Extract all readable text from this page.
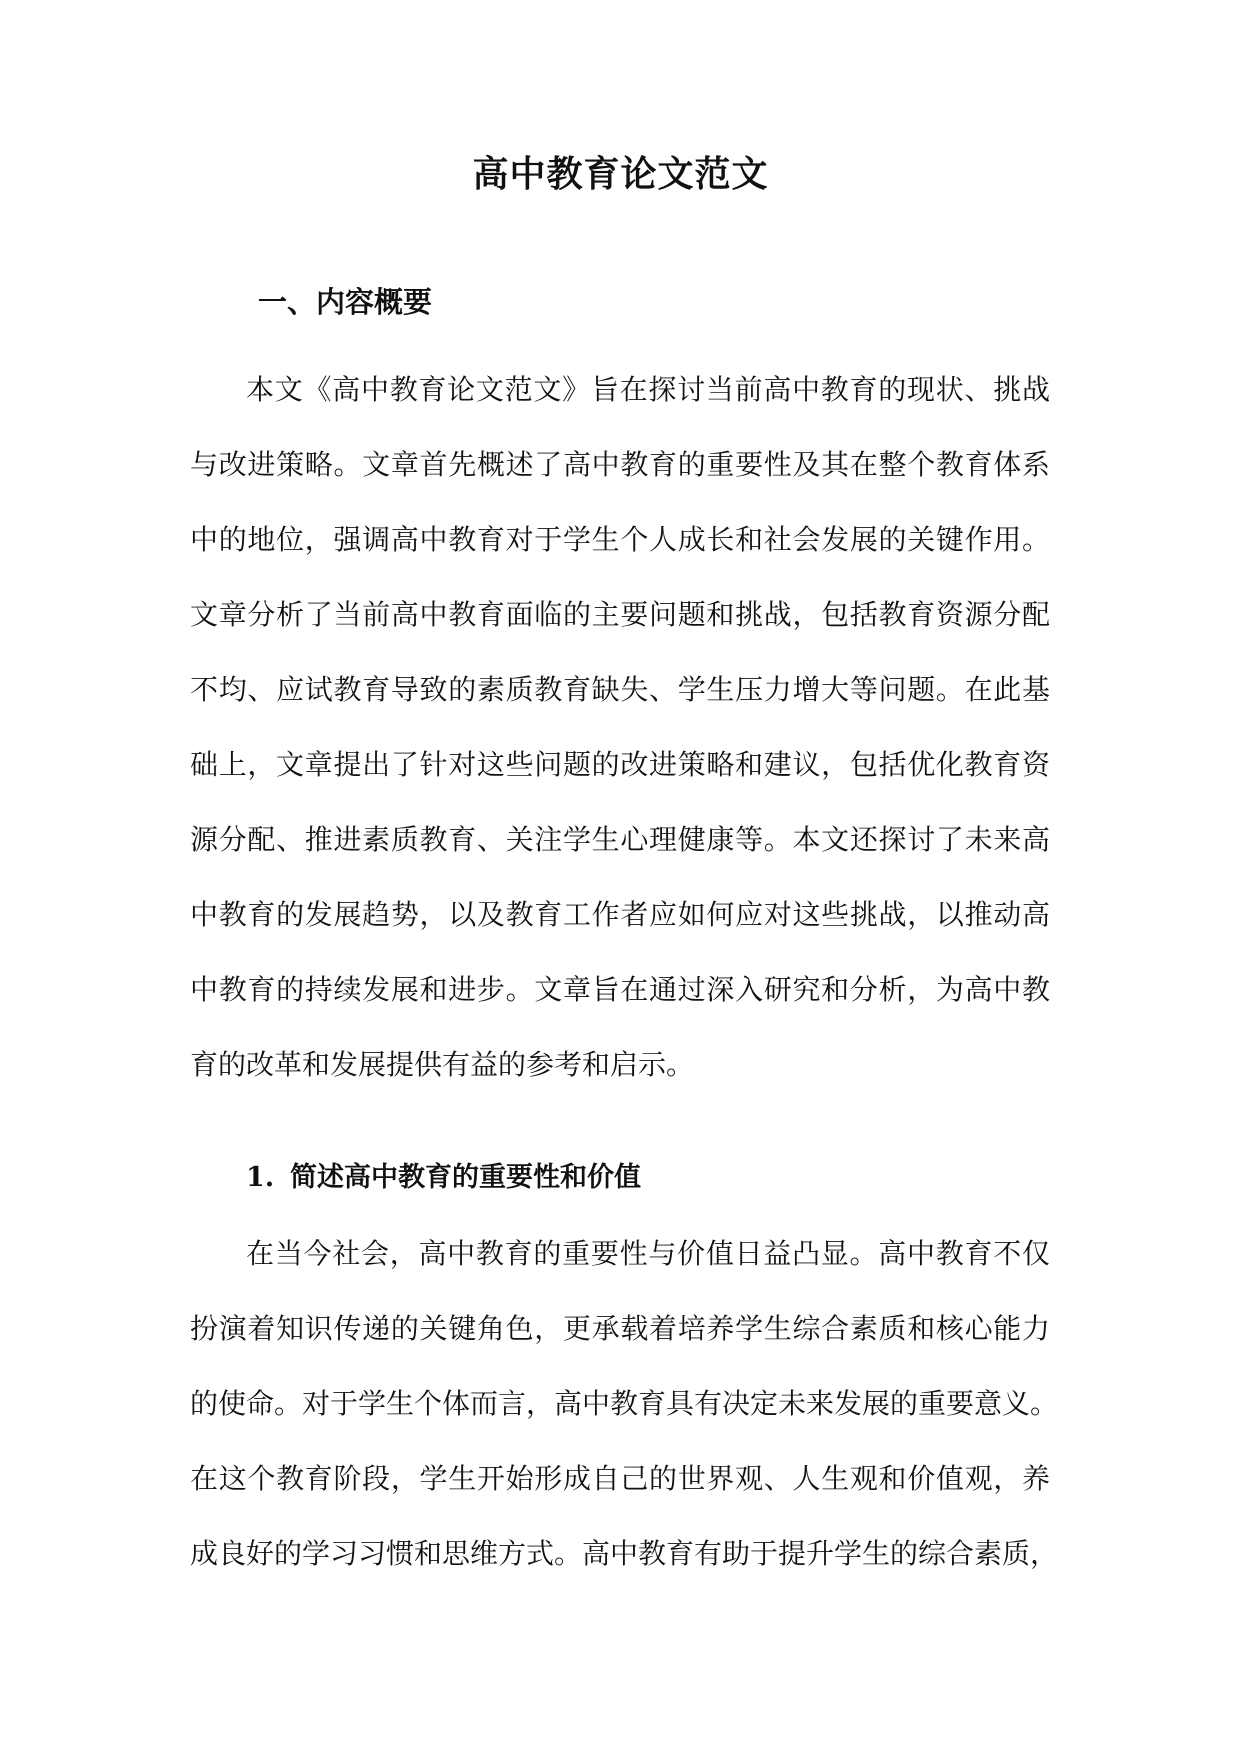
高中教育论文范文
一、内容概要
本文《高中教育论文范文》旨在探讨当前高中教育的现状、挑战
与改进策略。文章首先概述了高中教育的重要性及其在整个教育体系
中的地位，强调高中教育对于学生个人成长和社会发展的关键作用。
文章分析了当前高中教育面临的主要问题和挑战，包括教育资源分配
不均、应试教育导致的素质教育缺失、学生压力增大等问题。在此基
础上，文章提出了针对这些问题的改进策略和建议，包括优化教育资
源分配、推进素质教育、关注学生心理健康等。本文还探讨了未来高
中教育的发展趋势，以及教育工作者应如何应对这些挑战，以推动高
中教育的持续发展和进步。文章旨在通过深入研究和分析，为高中教
育的改革和发展提供有益的参考和启示。
1. 简述高中教育的重要性和价值
在当今社会，高中教育的重要性与价值日益凸显。高中教育不仅
扮演着知识传递的关键角色，更承载着培养学生综合素质和核心能力
的使命。对于学生个体而言，高中教育具有决定未来发展的重要意义。
在这个教育阶段，学生开始形成自己的世界观、人生观和价值观，养
成良好的学习习惯和思维方式。高中教育有助于提升学生的综合素质，
